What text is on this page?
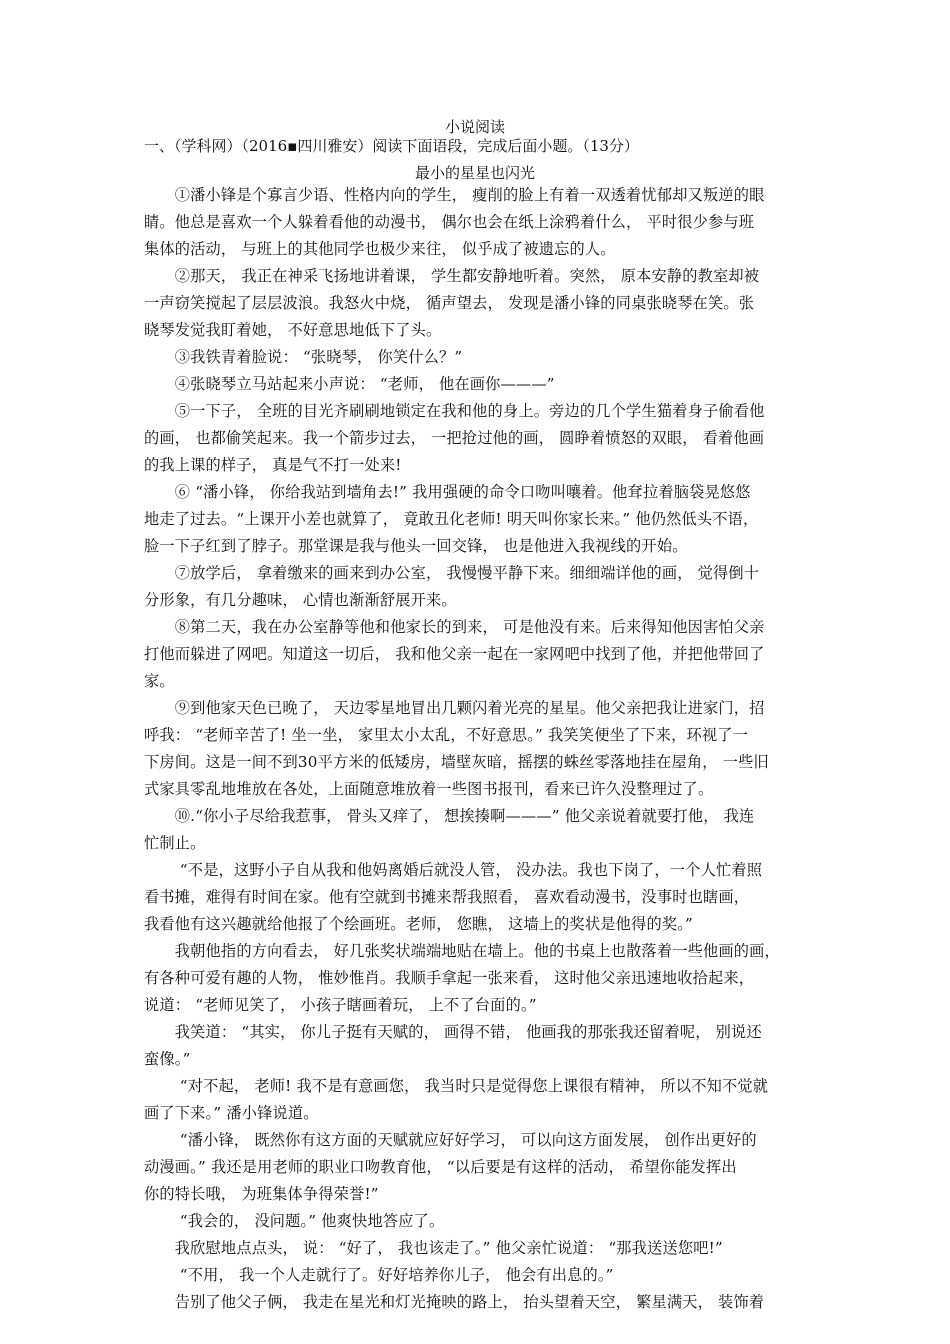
小说阅读
一、（学科网）（2016▪四川雅安）阅读下面语段，完成后面小题。（13分）
最小的星星也闪光
　　①潘小锋是个寡言少语、性格内向的学生， 瘦削的脸上有着一双透着忧郁却又叛逆的眼
睛。他总是喜欢一个人躲着看他的动漫书， 偶尔也会在纸上涂鸦着什么， 平时很少参与班
集体的活动， 与班上的其他同学也极少来往， 似乎成了被遗忘的人。
　　②那天， 我正在神采飞扬地讲着课， 学生都安静地听着。突然， 原本安静的教室却被
一声窃笑搅起了层层波浪。我怒火中烧， 循声望去， 发现是潘小锋的同桌张晓琴在笑。张
晓琴发觉我盯着她， 不好意思地低下了头。
　　③我铁青着脸说： “张晓琴， 你笑什么？”
　　④张晓琴立马站起来小声说： “老师， 他在画你———”
　　⑤一下子， 全班的目光齐刷刷地锁定在我和他的身上。旁边的几个学生猫着身子偷看他
的画， 也都偷笑起来。我一个箭步过去， 一把抢过他的画， 圆睁着愤怒的双眼， 看着他画
的我上课的样子， 真是气不打一处来!
　　⑥ “潘小锋， 你给我站到墙角去!” 我用强硬的命令口吻叫嚷着。他耷拉着脑袋晃悠悠
地走了过去。“上课开小差也就算了， 竟敢丑化老师! 明天叫你家长来。” 他仍然低头不语，
脸一下子红到了脖子。那堂课是我与他头一回交锋， 也是他进入我视线的开始。
　　⑦放学后， 拿着缴来的画来到办公室， 我慢慢平静下来。细细端详他的画， 觉得倒十
分形象，有几分趣味， 心情也渐渐舒展开来。
　　⑧第二天，我在办公室静等他和他家长的到来， 可是他没有来。后来得知他因害怕父亲
打他而躲进了网吧。知道这一切后， 我和他父亲一起在一家网吧中找到了他，并把他带回了
家。
　　⑨到他家天色已晚了， 天边零星地冒出几颗闪着光亮的星星。他父亲把我让进家门，招
呼我： “老师辛苦了! 坐一坐， 家里太小太乱，不好意思。” 我笑笑便坐了下来，环视了一
下房间。这是一间不到30平方米的低矮房，墙壁灰暗，摇摆的蛛丝零落地挂在屋角， 一些旧
式家具零乱地堆放在各处，上面随意堆放着一些图书报刊，看来已许久没整理过了。
　　⑩.“你小子尽给我惹事， 骨头又痒了， 想挨揍啊———” 他父亲说着就要打他， 我连
忙制止。
　　 “不是，这野小子自从我和他妈离婚后就没人管， 没办法。我也下岗了，一个人忙着照
看书摊，难得有时间在家。他有空就到书摊来帮我照看， 喜欢看动漫书，没事时也瞎画，
我看他有这兴趣就给他报了个绘画班。老师， 您瞧， 这墙上的奖状是他得的奖。”
　　我朝他指的方向看去， 好几张奖状端端地贴在墙上。他的书桌上也散落着一些他画的画，
有各种可爱有趣的人物， 惟妙惟肖。我顺手拿起一张来看， 这时他父亲迅速地收拾起来，
说道： “老师见笑了， 小孩子瞎画着玩， 上不了台面的。”
　　我笑道： “其实， 你儿子挺有天赋的， 画得不错， 他画我的那张我还留着呢， 别说还
蛮像。”
　　 “对不起， 老师! 我不是有意画您， 我当时只是觉得您上课很有精神， 所以不知不觉就
画了下来。” 潘小锋说道。
　　 “潘小锋， 既然你有这方面的天赋就应好好学习， 可以向这方面发展， 创作出更好的
动漫画。” 我还是用老师的职业口吻教育他， “以后要是有这样的活动， 希望你能发挥出
你的特长哦， 为班集体争得荣誉!”
　　 “我会的， 没问题。” 他爽快地答应了。
　　我欣慰地点点头， 说： “好了， 我也该走了。” 他父亲忙说道： “那我送送您吧!”
　　 “不用， 我一个人走就行了。好好培养你儿子， 他会有出息的。”
　　告别了他父子俩， 我走在星光和灯光掩映的路上， 抬头望着天空， 繁星满天， 装饰着
